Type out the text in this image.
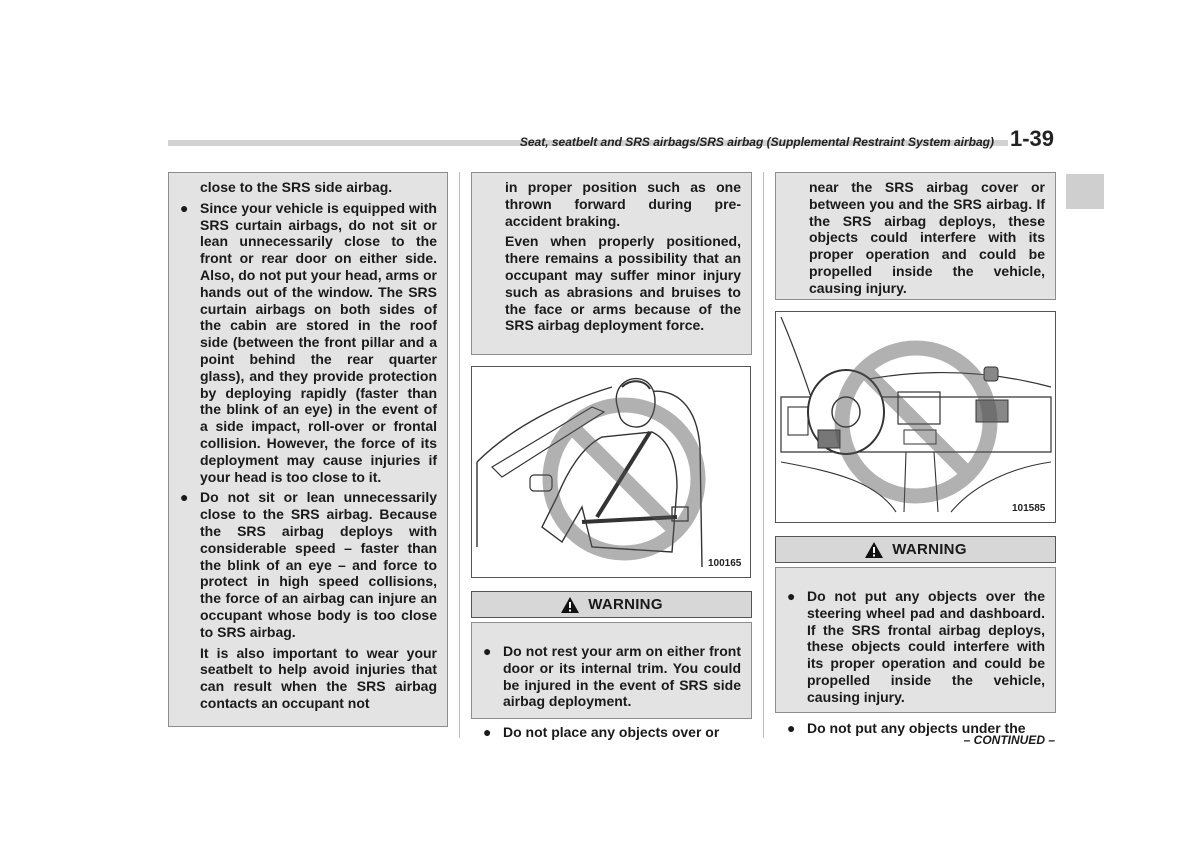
Seat, seatbelt and SRS airbags/SRS airbag (Supplemental Restraint System airbag) 1-39

close to the SRS side airbag.

● Since your vehicle is equipped with SRS curtain airbags, do not sit or lean unnecessarily close to the front or rear door on either side. Also, do not put your head, arms or hands out of the window. The SRS curtain airbags on both sides of the cabin are stored in the roof side (between the front pillar and a point behind the rear quarter glass), and they provide protection by deploying rapidly (faster than the blink of an eye) in the event of a side impact, roll-over or frontal collision. However, the force of its deployment may cause injuries if your head is too close to it.

● Do not sit or lean unnecessarily close to the SRS airbag. Because the SRS airbag deploys with considerable speed – faster than the blink of an eye – and force to protect in high speed collisions, the force of an airbag can injure an occupant whose body is too close to SRS airbag.

It is also important to wear your seatbelt to help avoid injuries that can result when the SRS airbag contacts an occupant not

in proper position such as one thrown forward during pre-accident braking.

Even when properly positioned, there remains a possibility that an occupant may suffer minor injury such as abrasions and bruises to the face or arms because of the SRS airbag deployment force.

100165
WARNING

● Do not rest your arm on either front door or its internal trim. You could be injured in the event of SRS side airbag deployment.

● Do not place any objects over or

near the SRS airbag cover or between you and the SRS airbag. If the SRS airbag deploys, these objects could interfere with its proper operation and could be propelled inside the vehicle, causing injury.

101585
WARNING

● Do not put any objects over the steering wheel pad and dashboard. If the SRS frontal airbag deploys, these objects could interfere with its proper operation and could be propelled inside the vehicle, causing injury.

● Do not put any objects under the

– CONTINUED –
